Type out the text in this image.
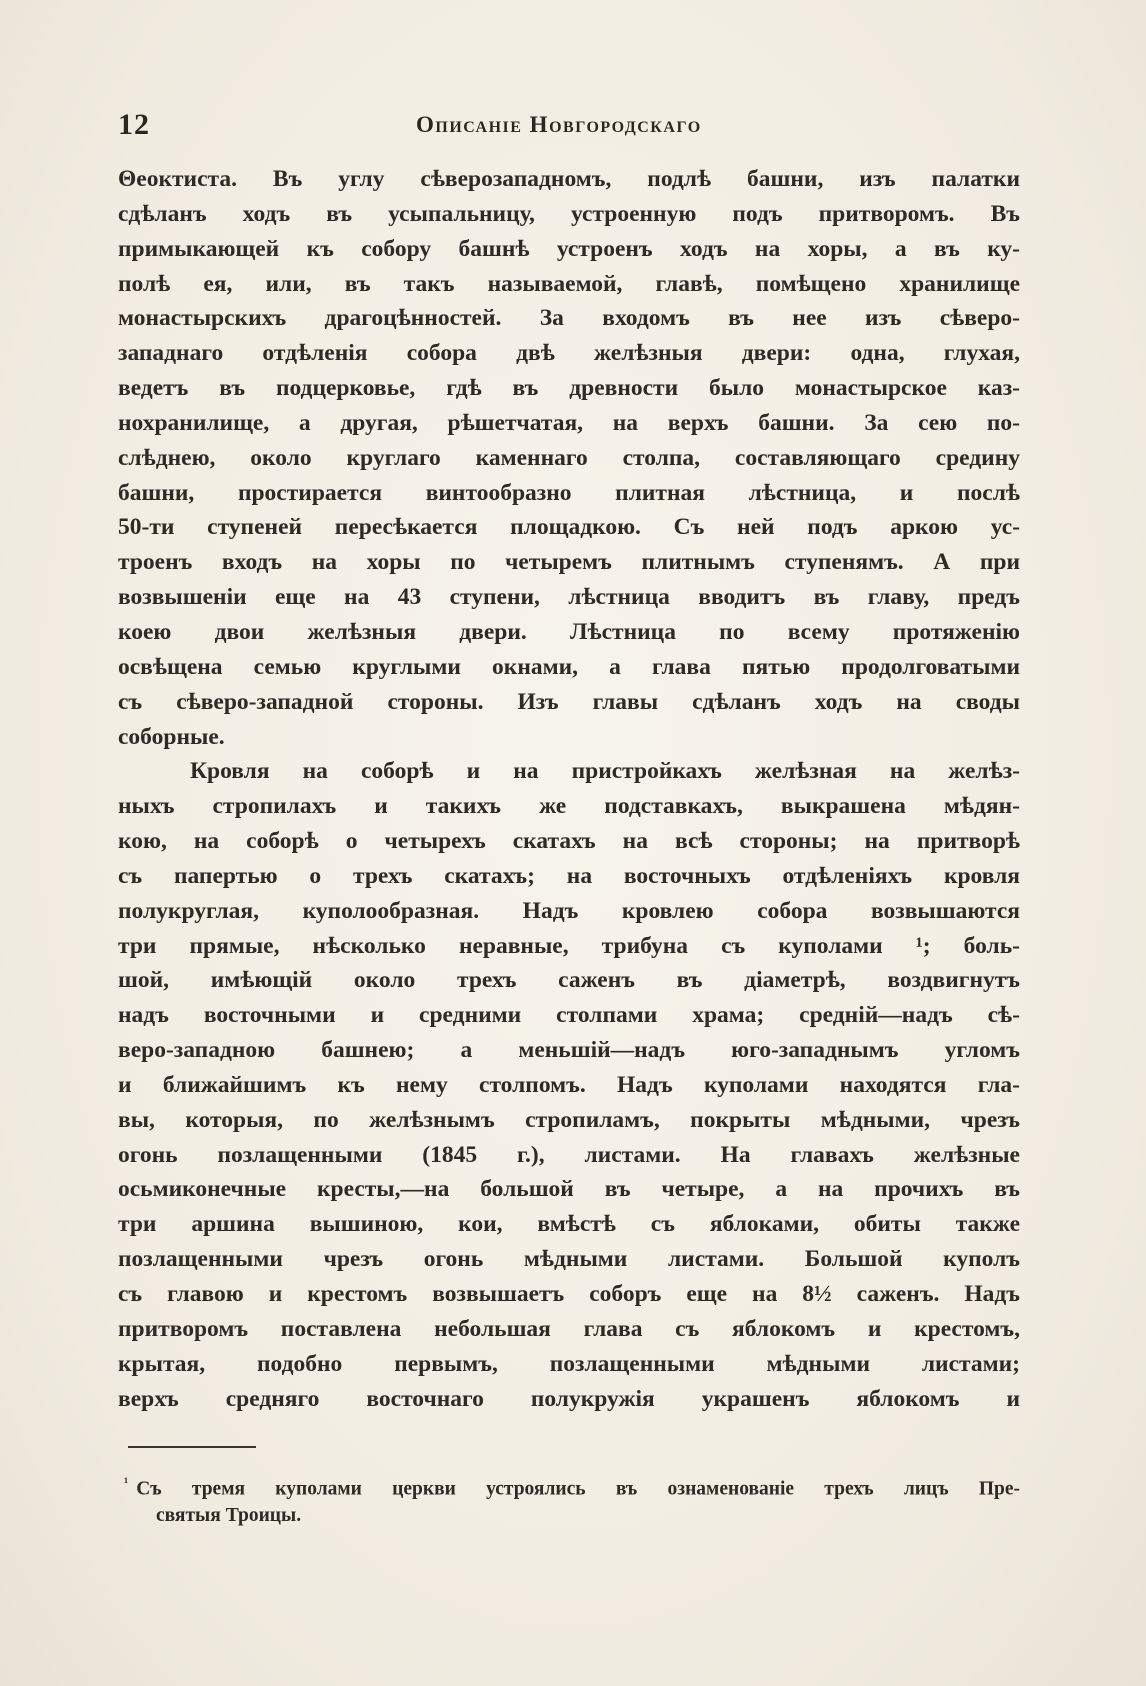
12	Описанiе Новгородскаго
Θеоктиста. Въ углу сѣверозападномъ, подлѣ башни, изъ палатки
сдѣланъ ходъ въ усыпальницу, устроенную подъ притворомъ. Въ
примыкающей къ собору башнѣ устроенъ ходъ на хоры, а въ ку-
полѣ ея, или, въ такъ называемой, главѣ, помѣщено хранилище
монастырскихъ драгоцѣнностей. За входомъ въ нее изъ сѣверо-
западнаго отдѣленiя собора двѣ желѣзныя двери: одна, глухая,
ведетъ въ подцерковье, гдѣ въ древности было монастырское каз-
нохранилище, а другая, рѣшетчатая, на верхъ башни. За сею по-
слѣднею, около круглаго каменнаго столпа, составляющаго средину
башни, простирается винтообразно плитная лѣстница, и послѣ
50-ти ступеней пересѣкается площадкою. Съ ней подъ аркою ус-
троенъ входъ на хоры по четыремъ плитнымъ ступенямъ. А при
возвышенiи еще на 43 ступени, лѣстница вводитъ въ главу, предъ
коею двои желѣзныя двери. Лѣстница по всему протяженiю
освѣщена семью круглыми окнами, а глава пятью продолговатыми
съ сѣверо-западной стороны. Изъ главы сдѣланъ ходъ на своды
соборные.
Кровля на соборѣ и на пристройкахъ желѣзная на желѣз-
ныхъ стропилахъ и такихъ же подставкахъ, выкрашена мѣдян-
кою, на соборѣ о четырехъ скатахъ на всѣ стороны; на притворѣ
съ папертью о трехъ скатахъ; на восточныхъ отдѣленiяхъ кровля
полукруглая, куполообразная. Надъ кровлею собора возвышаются
три прямые, нѣсколько неравные, трибуна съ куполами ¹; боль-
шой, имѣющiй около трехъ саженъ въ дiаметрѣ, воздвигнутъ
надъ восточными и средними столпами храма; среднiй—надъ сѣ-
веро-западною башнею; а меньшiй—надъ юго-западнымъ угломъ
и ближайшимъ къ нему столпомъ. Надъ куполами находятся гла-
вы, которыя, по желѣзнымъ стропиламъ, покрыты мѣдными, чрезъ
огонь позлащенными (1845 г.), листами. На главахъ желѣзные
осьмиконечные кресты,—на большой въ четыре, а на прочихъ въ
три аршина вышиною, кои, вмѣстѣ съ яблоками, обиты также
позлащенными чрезъ огонь мѣдными листами. Большой куполъ
съ главою и крестомъ возвышаетъ соборъ еще на 8½ саженъ. Надъ
притворомъ поставлена небольшая глава съ яблокомъ и крестомъ,
крытая, подобно первымъ, позлащенными мѣдными листами;
верхъ средняго восточнаго полукружiя украшенъ яблокомъ и
$^{^1}$ Съ тремя куполами церкви устроялись въ ознаменованiе трехъ лицъ Пре-
святыя Троицы.
